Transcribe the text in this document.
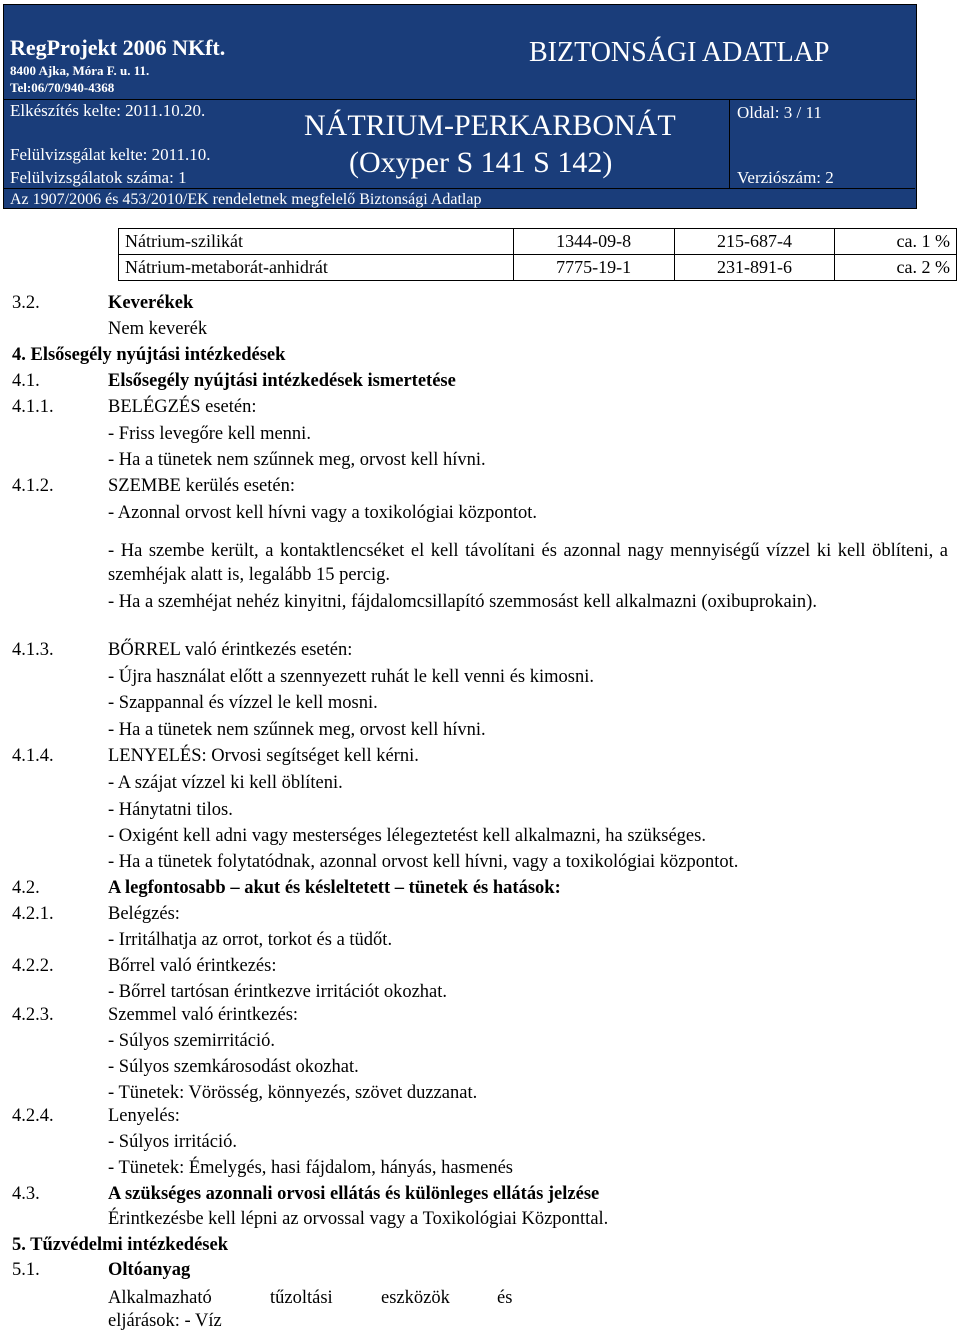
RegProjekt 2006 NKft.
8400 Ajka, Móra F. u. 11.
Tel:06/70/940-4368
Elkészítés kelte: 2011.10.20.
Felülvizsgálat kelte: 2011.10.
Felülvizsgálatok száma: 1
Az 1907/2006 és 453/2010/EK rendeletnek megfelelő Biztonsági Adatlap
BIZTONSÁGI ADATLAP
NÁTRIUM-PERKARBONÁT
(Oxyper S 141 S 142)
Oldal: 3 / 11
Verziószám: 2
Nátrium-szilikát	1344-09-8	215-687-4	ca. 1 %
Nátrium-metaborát-anhidrát	7775-19-1	231-891-6	ca. 2 %
3.2.	Keverékek
Nem keverék
4. Elsősegély nyújtási intézkedések
4.1.	Elsősegély nyújtási intézkedések ismertetése
4.1.1.	BELÉGZÉS esetén:
- Friss levegőre kell menni.
- Ha a tünetek nem szűnnek meg, orvost kell hívni.
4.1.2.	SZEMBE kerülés esetén:
- Azonnal orvost kell hívni vagy a toxikológiai központot.
- Ha szembe került, a kontaktlencséket el kell távolítani és azonnal nagy mennyiségű vízzel ki kell öblíteni, a szemhéjak alatt is, legalább 15 percig.
- Ha a szemhéjat nehéz kinyitni, fájdalomcsillapító szemmosást kell alkalmazni (oxibuprokain).
4.1.3.	BŐRREL való érintkezés esetén:
- Újra használat előtt a szennyezett ruhát le kell venni és kimosni.
- Szappannal és vízzel le kell mosni.
- Ha a tünetek nem szűnnek meg, orvost kell hívni.
4.1.4.	LENYELÉS: Orvosi segítséget kell kérni.
- A szájat vízzel ki kell öblíteni.
- Hánytatni tilos.
- Oxigént kell adni vagy mesterséges lélegeztetést kell alkalmazni, ha szükséges.
- Ha a tünetek folytatódnak, azonnal orvost kell hívni, vagy a toxikológiai központot.
4.2.	A legfontosabb – akut és késleltetett – tünetek és hatások:
4.2.1.	Belégzés:
- Irritálhatja az orrot, torkot és a tüdőt.
4.2.2.	Bőrrel való érintkezés:
- Bőrrel tartósan érintkezve irritációt okozhat.
4.2.3.	Szemmel való érintkezés:
- Súlyos szemirritáció.
- Súlyos szemkárosodást okozhat.
- Tünetek: Vörösség, könnyezés, szövet duzzanat.
4.2.4.	Lenyelés:
- Súlyos irritáció.
- Tünetek: Émelygés, hasi fájdalom, hányás, hasmenés
4.3.	A szükséges azonnali orvosi ellátás és különleges ellátás jelzése
Érintkezésbe kell lépni az orvossal vagy a Toxikológiai Központtal.
5. Tűzvédelmi intézkedések
5.1.	Oltóanyag
Alkalmazható	tűzoltási	eszközök	és
eljárások: - Víz
